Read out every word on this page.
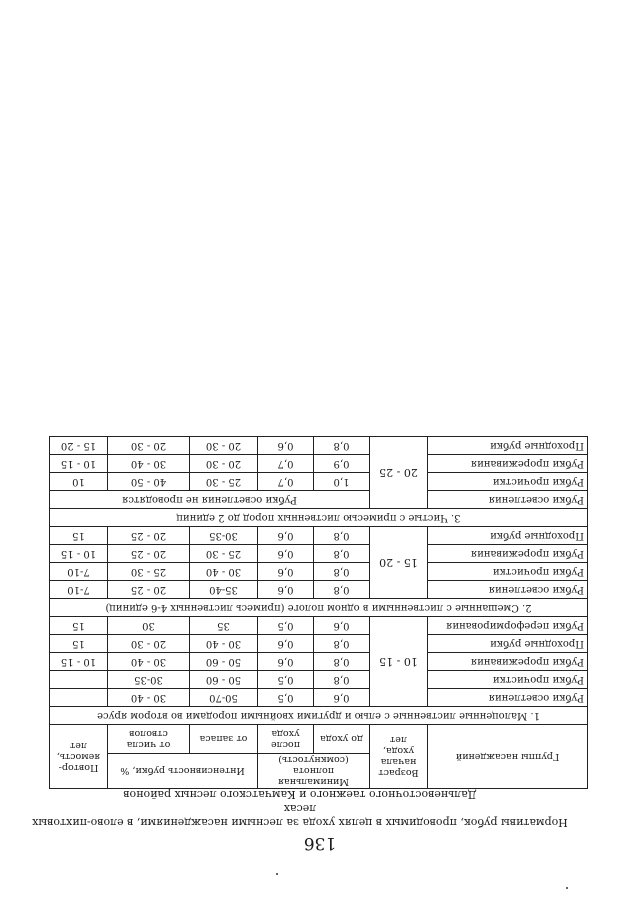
136
Нормативы рубок, проводимых в целях ухода за лесными насаждениями, в елово-пихтовых лесах
Дальневосточного таежного и Камчатского лесных районов
Группы насаждений	Возраст начала ухода, лет	Минимальная полнота (сомкнутость)		Интенсивность рубки, %		Повтор-яемость, лет
		до ухода	после ухода	от запаса	от числа стволов	
1. Малоценные лиственные с елью и другими хвойными породами во втором ярусе						
Рубки осветления	10 - 15	0,6	0,5	50-70	30 - 40	
Рубки прочистки		0,8	0,5	50 - 60	30-35	
Рубки прореживания		0,8	0,6	50 - 60	30 - 40	10 - 15
Проходные рубки		0,8	0,6	30 - 40	20 - 30	15
Рубки переформирования		0,6	0,5	35	30	15
2. Смешанные с лиственными в одном пологе (примесь лиственных 4-6 единиц)						
Рубки осветления	15 - 20	0,8	0,6	35-40	20 - 25	7-10
Рубки прочистки		0,8	0,6	30 - 40	25 - 30	7-10
Рубки прореживания		0,8	0,6	25 - 30	20 - 25	10 - 15
Проходные рубки		0,8	0,6	30-35	20 - 25	15
3. Чистые с примесью лиственных пород до 2 единиц						
Рубки осветления	20 - 25	Рубки осветления не проводятся				
Рубки прочистки		1,0	0,7	25 - 30	40 - 50	10
Рубки прореживания		0,9	0,7	20 - 30	30 - 40	10 - 15
Проходные рубки		0,8	0,6	20 - 30	20 - 30	15 - 20
